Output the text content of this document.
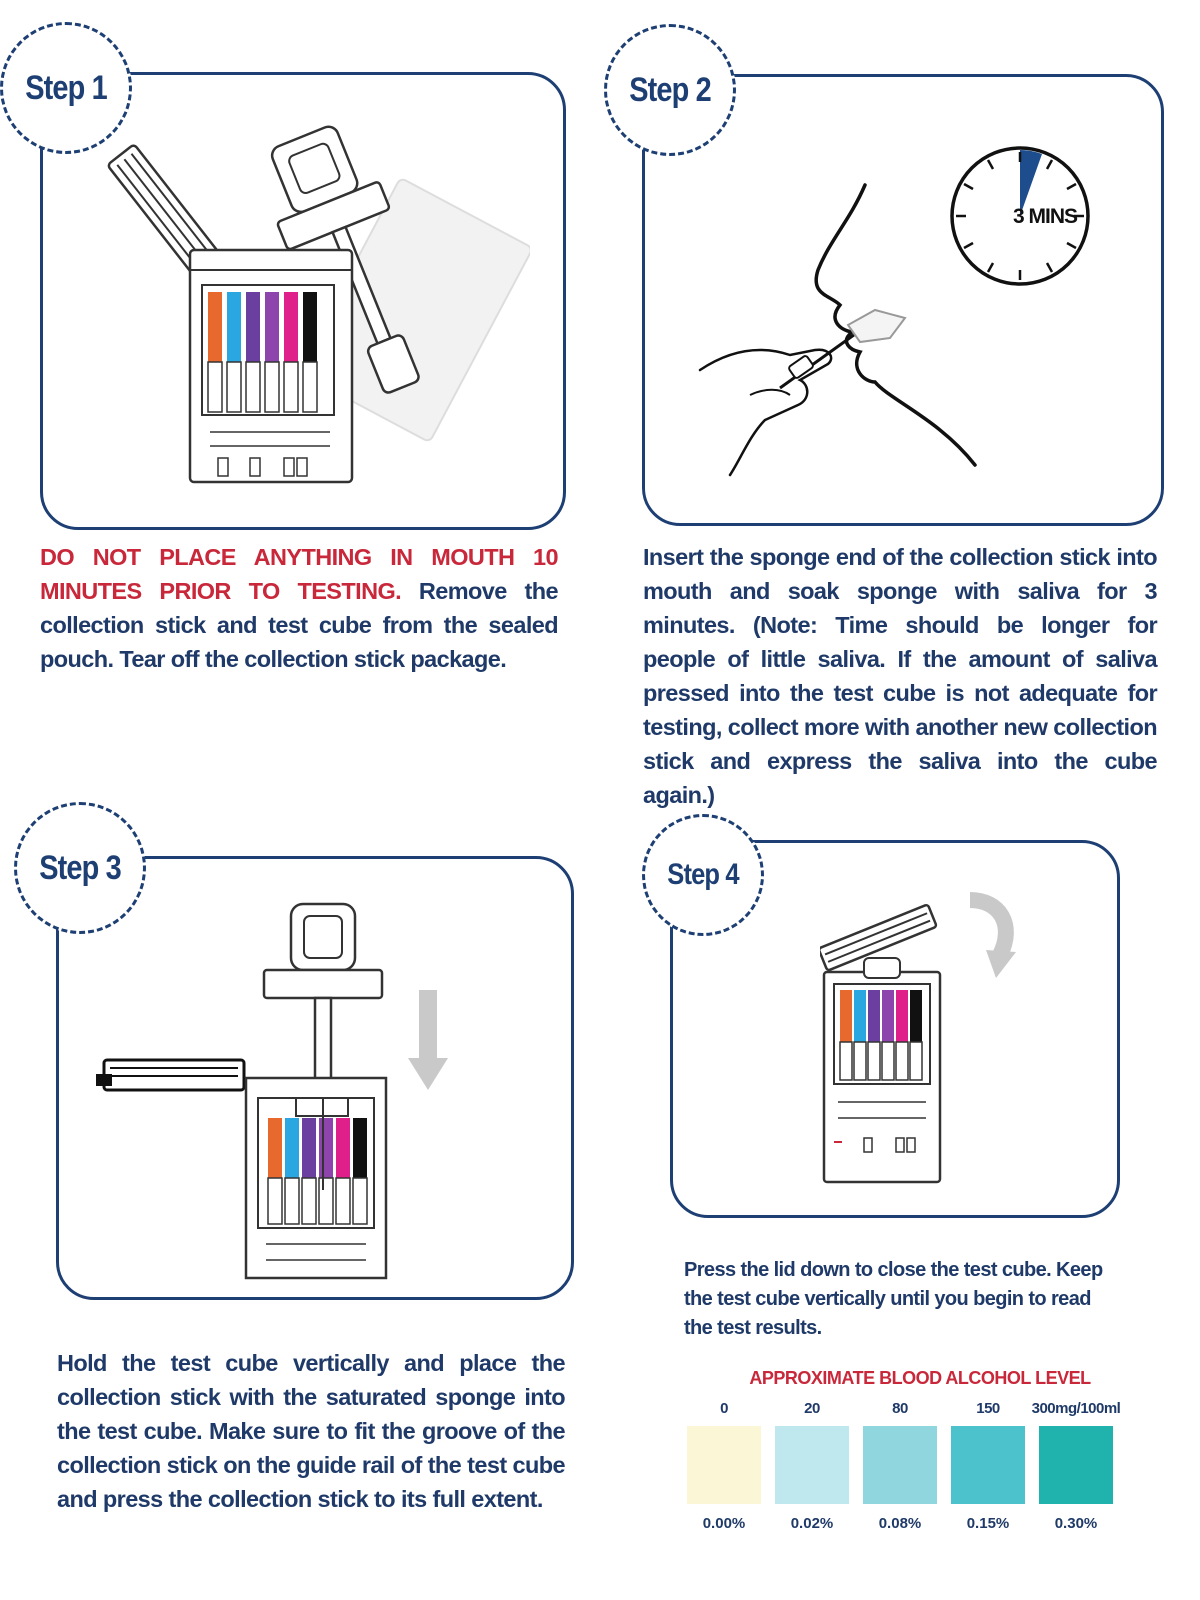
Step 1
DO NOT PLACE ANYTHING IN MOUTH 10 MINUTES PRIOR TO TESTING. Remove the collection stick and test cube from the sealed pouch. Tear off the collection stick package.
Step 2
3 MINS
Insert the sponge end of the collection stick into mouth and soak sponge with saliva for 3 minutes. (Note: Time should be longer for people of little saliva. If the amount of saliva pressed into the test cube is not adequate for testing, collect more with another new collection stick and express the saliva into the cube again.)
Step 3
Hold the test cube vertically and place the collection stick with the saturated sponge into the test cube. Make sure to fit the groove of the collection stick on the guide rail of the test cube and press the collection stick to its full extent.
Step 4
Press the lid down to close the test cube. Keep the test cube vertically until you begin to read the test results.
APPROXIMATE BLOOD ALCOHOL LEVEL
0	20	80	150	300mg/100ml
0.00%	0.02%	0.08%	0.15%	0.30%
